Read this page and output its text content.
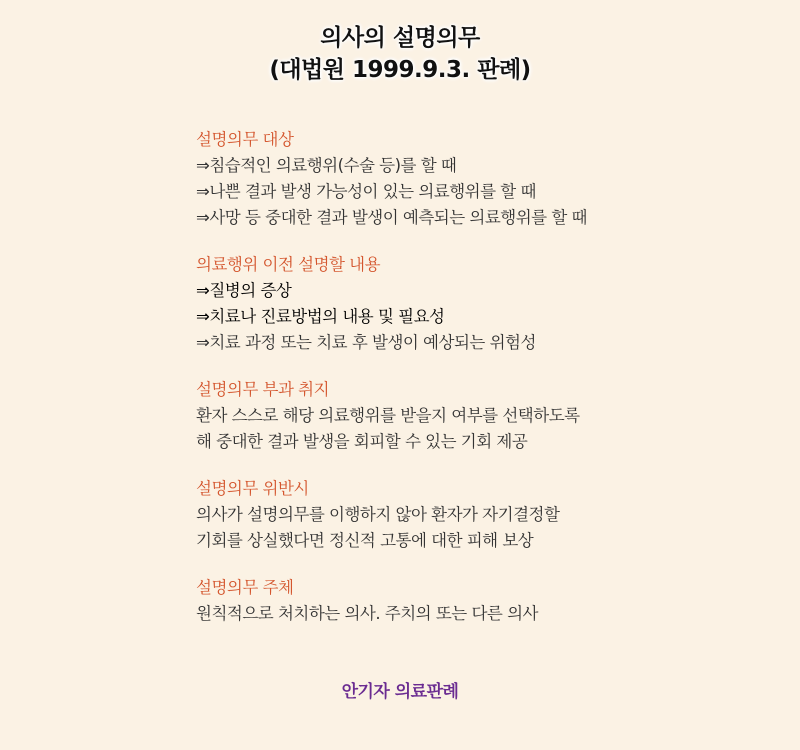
의사의 설명의무
(대법원 1999.9.3. 판례)
설명의무 대상
⇒침습적인 의료행위(수술 등)를 할 때
⇒나쁜 결과 발생 가능성이 있는 의료행위를 할 때
⇒사망 등 중대한 결과 발생이 예측되는 의료행위를 할 때
의료행위 이전 설명할 내용
⇒질병의 증상
⇒치료나 진료방법의 내용 및 필요성
⇒치료 과정 또는 치료 후 발생이 예상되는 위험성
설명의무 부과 취지
환자 스스로 해당 의료행위를 받을지 여부를 선택하도록
해 중대한 결과 발생을 회피할 수 있는 기회 제공
설명의무 위반시
의사가 설명의무를 이행하지 않아 환자가 자기결정할
기회를 상실했다면 정신적 고통에 대한 피해 보상
설명의무 주체
원칙적으로 처치하는 의사. 주치의 또는 다른 의사
안기자 의료판례
